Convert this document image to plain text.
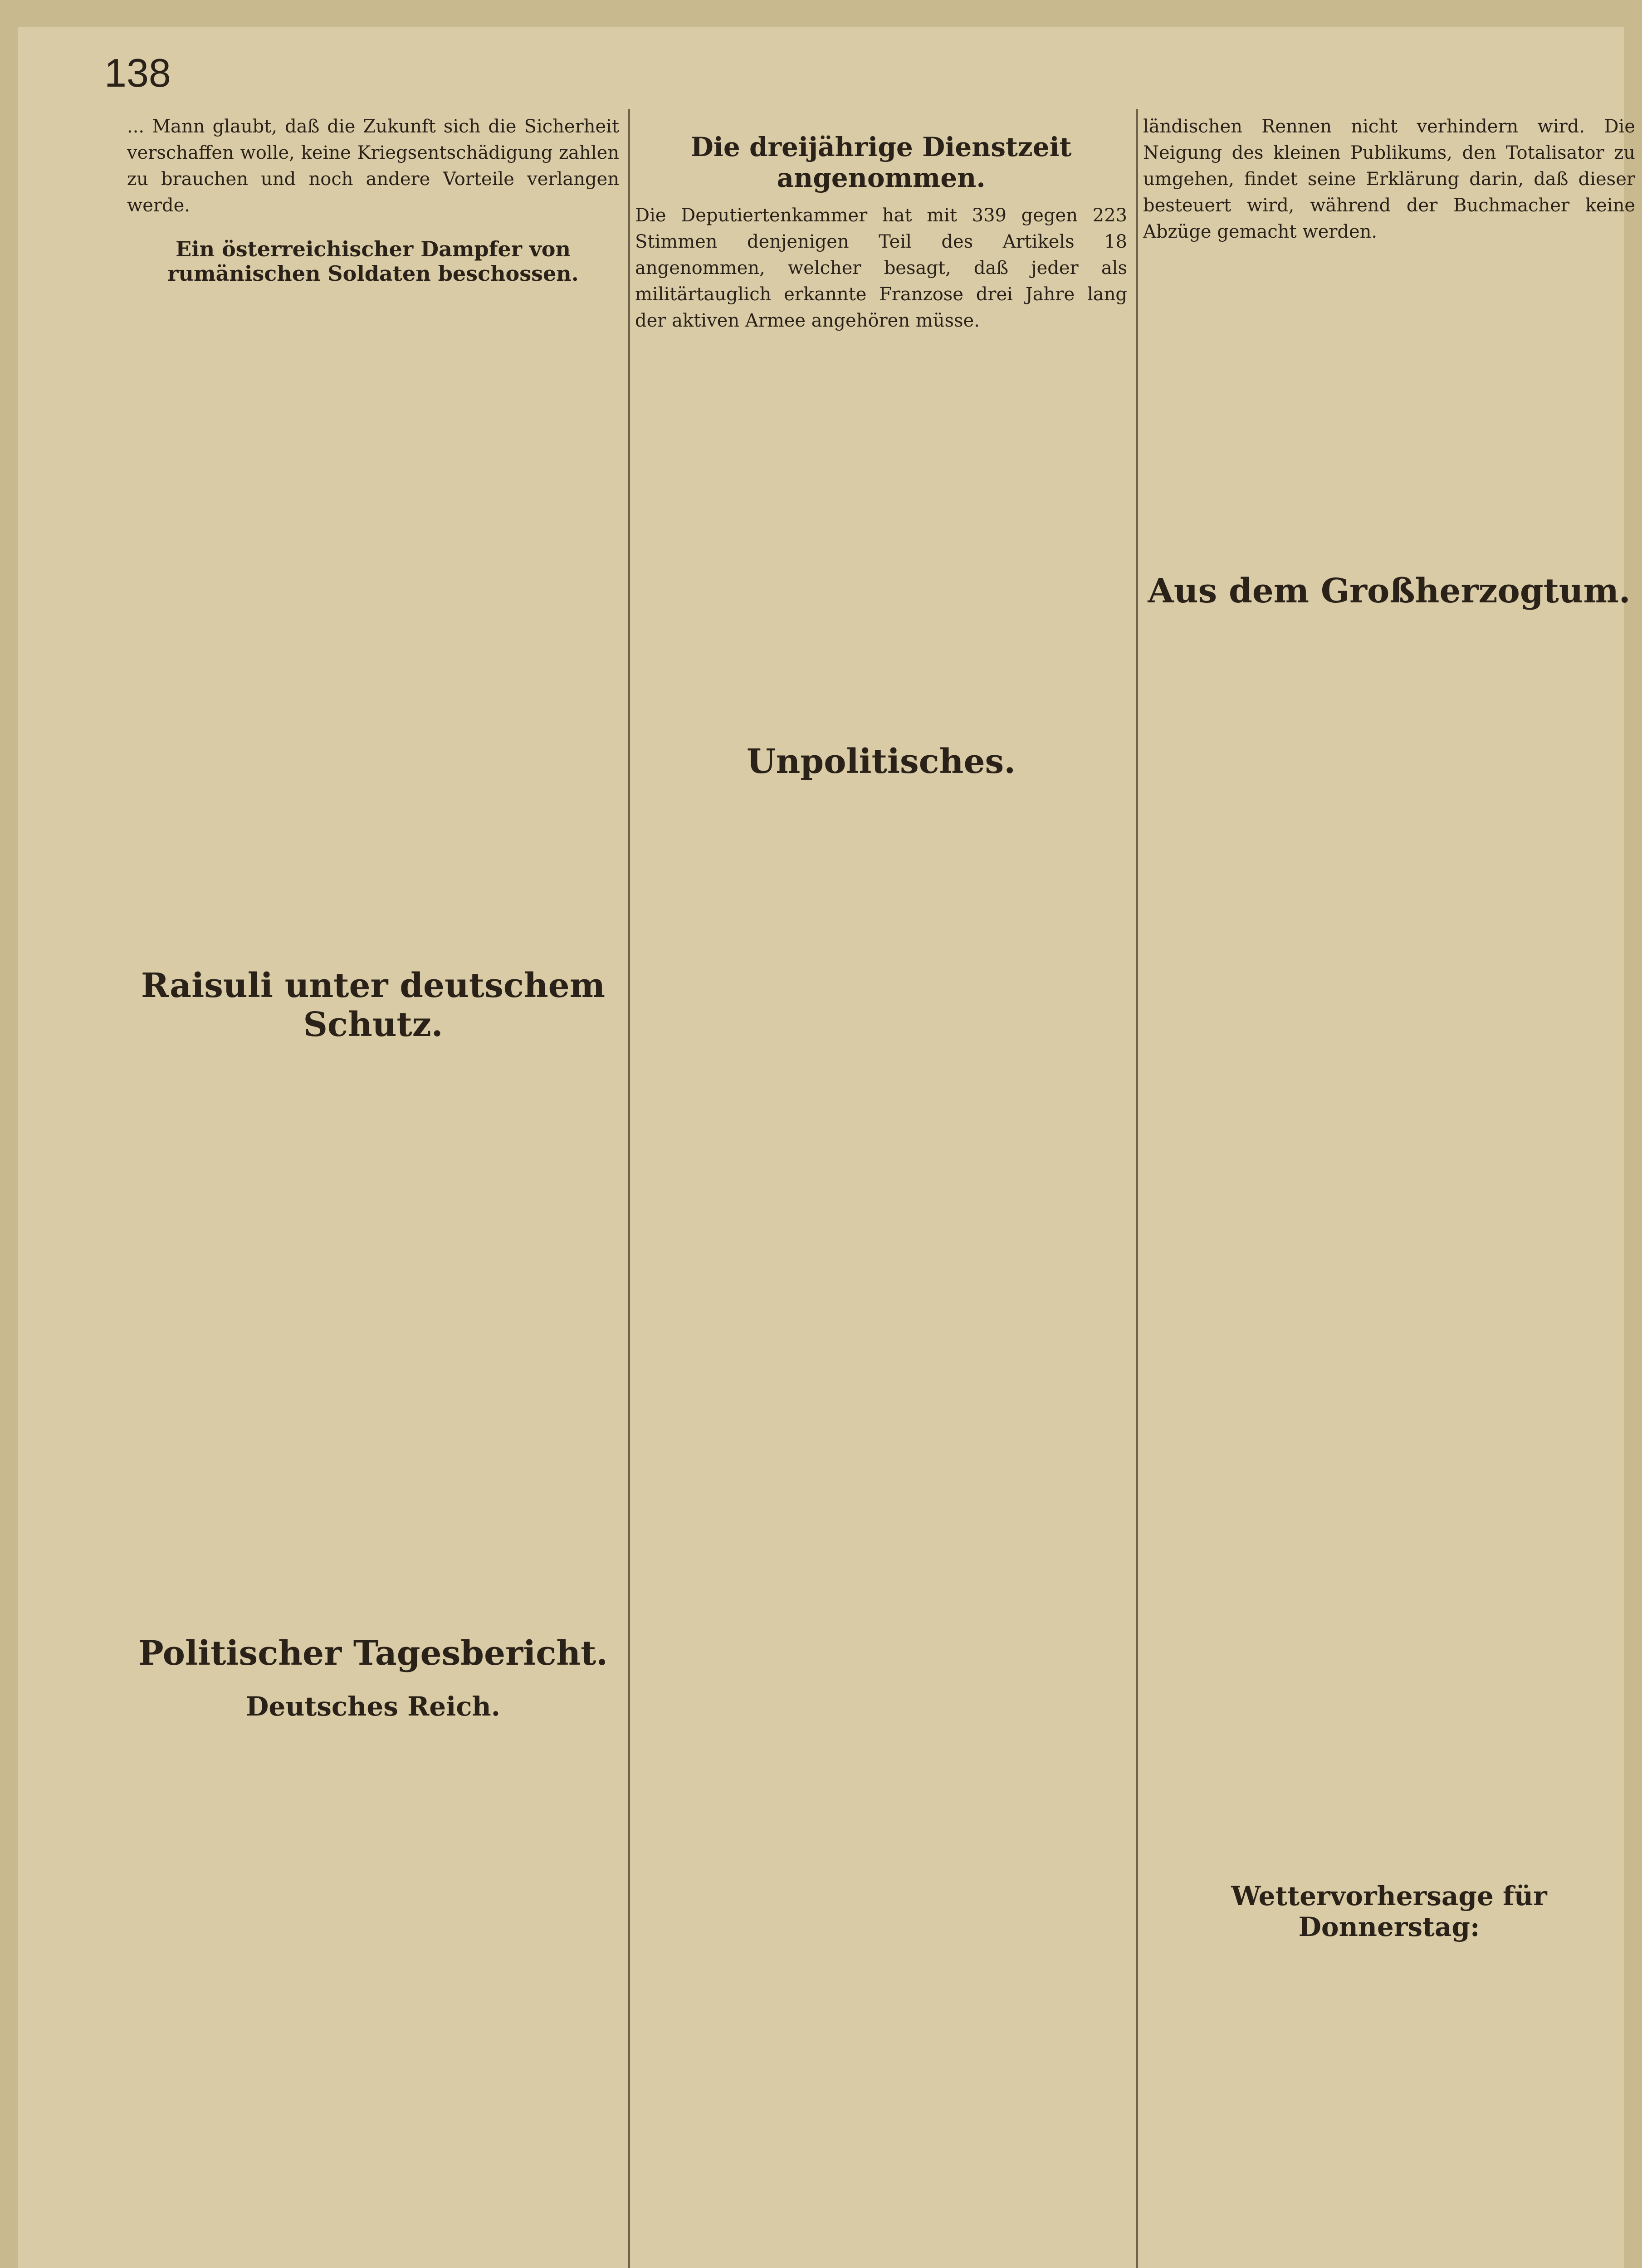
138

... Mann glaubt, daß die Zukunft sich die Sicherheit verschaffen wolle, keine Kriegsentschädigung zahlen zu brauchen und noch andere Vorteile verlangen werde.

Ein österreichischer Dampfer von rumänischen Soldaten beschossen.
Raisuli unter deutschem Schutz.
Politischer Tagesbericht.
Deutsches Reich.
Die dreijährige Dienstzeit angenommen.

Die Deputiertenkammer hat mit 339 gegen 223 Stimmen denjenigen Teil des Artikels 18 angenommen, welcher besagt, daß jeder als militärtauglich erkannte Franzose drei Jahre lang der aktiven Armee angehören müsse.

Unpolitisches.

ländischen Rennen nicht verhindern wird. Die Neigung des kleinen Publikums, den Totalisator zu umgehen, findet seine Erklärung darin, daß dieser besteuert wird, während der Buchmacher keine Abzüge gemacht werden.

Aus dem Großherzogtum.
Wettervorhersage für Donnerstag:
